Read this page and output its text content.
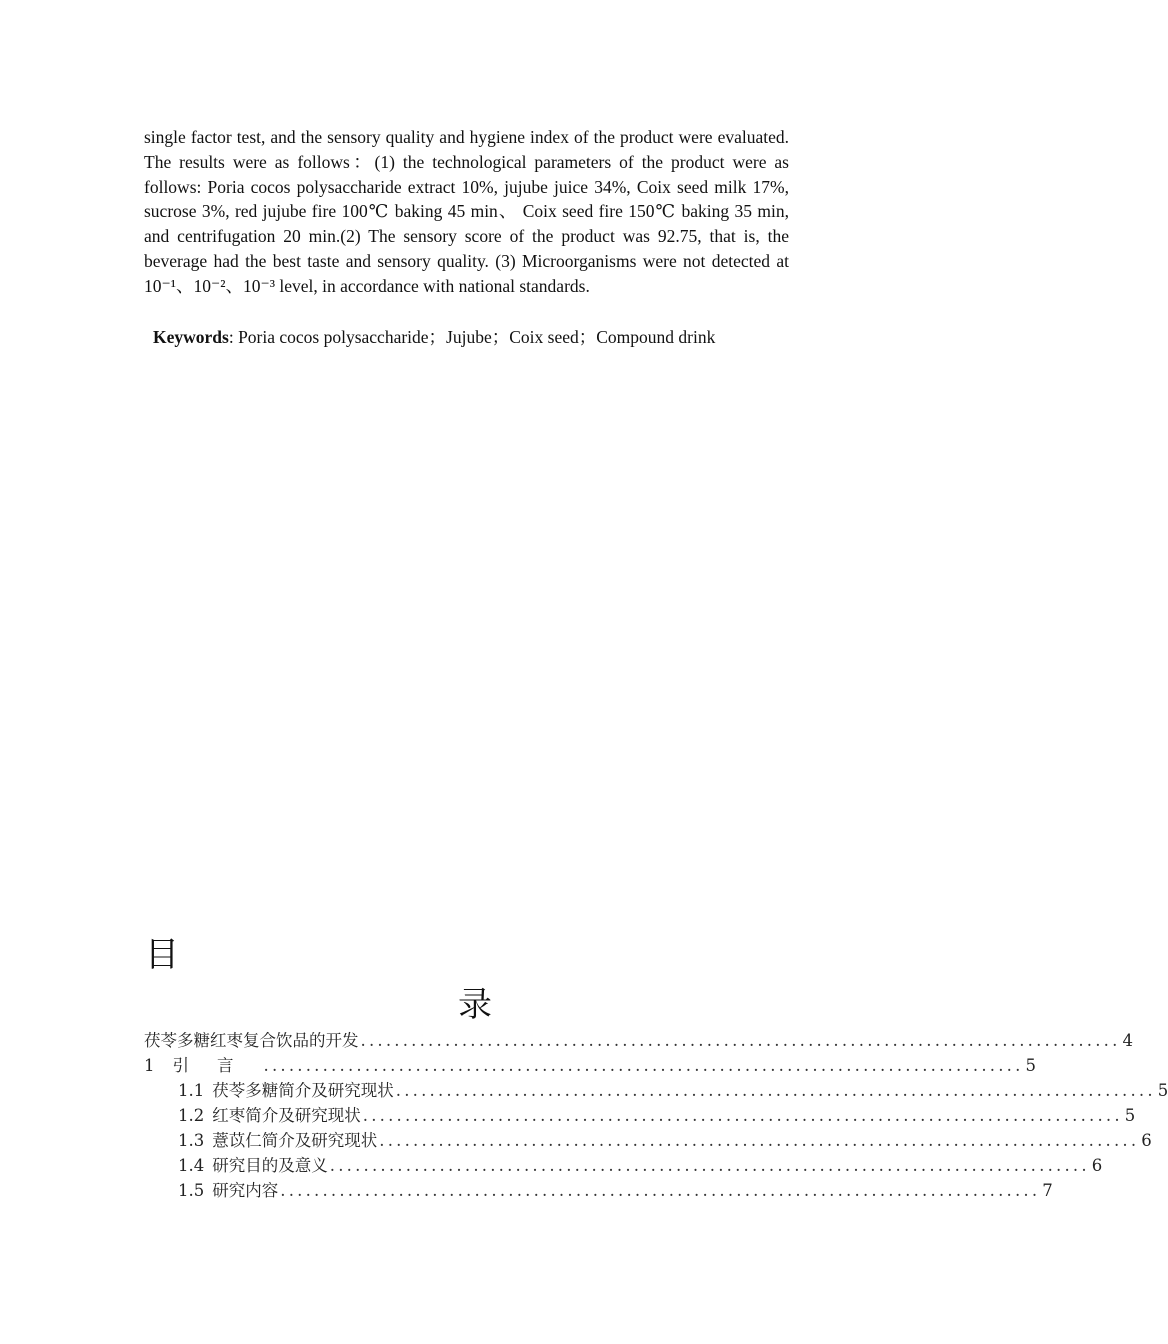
single factor test, and the sensory quality and hygiene index of the product were evaluated. The results were as follows：(1) the technological parameters of the product were as follows: Poria cocos polysaccharide extract 10%, jujube juice 34%, Coix seed milk 17%, sucrose 3%, red jujube fire 100℃ baking 45 min、 Coix seed fire 150℃ baking 35 min, and centrifugation 20 min.(2) The sensory score of the product was 92.75, that is, the beverage had the best taste and sensory quality. (3) Microorganisms were not detected at 10⁻¹、10⁻²、10⁻³ level, in accordance with national standards.

Keywords: Poria cocos polysaccharide；Jujube；Coix seed；Compound drink
目
录
茯苓多糖红枣复合饮品的开发 .......................................................................................... 4
1 引言 .......................................................................................... 5
1.1 茯苓多糖简介及研究现状 .......................................................................................... 5
1.2 红枣简介及研究现状 .......................................................................................... 5
1.3 薏苡仁简介及研究现状 .......................................................................................... 6
1.4 研究目的及意义 .......................................................................................... 6
1.5 研究内容 .......................................................................................... 7
